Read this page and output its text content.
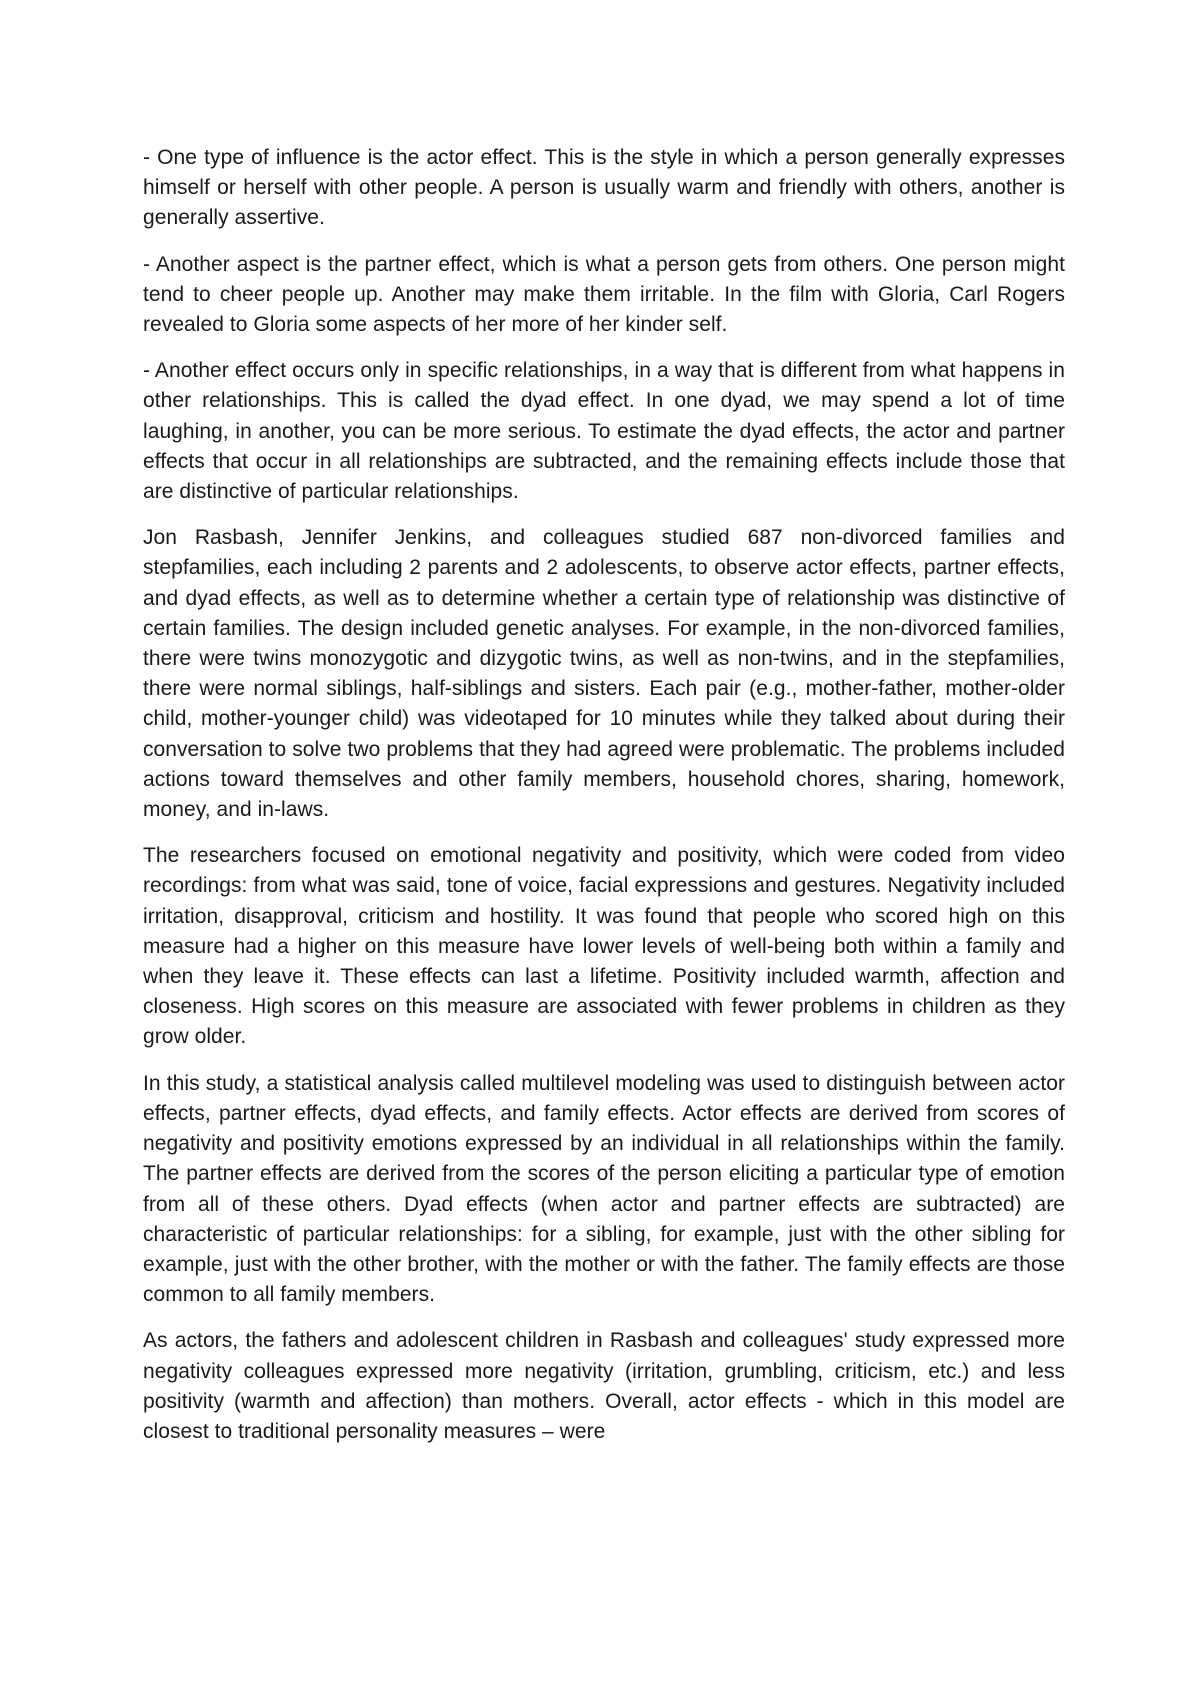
- One type of influence is the actor effect. This is the style in which a person generally expresses himself or herself with other people. A person is usually warm and friendly with others, another is generally assertive.

- Another aspect is the partner effect, which is what a person gets from others. One person might tend to cheer people up. Another may make them irritable. In the film with Gloria, Carl Rogers revealed to Gloria some aspects of her more of her kinder self.

- Another effect occurs only in specific relationships, in a way that is different from what happens in other relationships. This is called the dyad effect. In one dyad, we may spend a lot of time laughing, in another, you can be more serious. To estimate the dyad effects, the actor and partner effects that occur in all relationships are subtracted, and the remaining effects include those that are distinctive of particular relationships.

Jon Rasbash, Jennifer Jenkins, and colleagues studied 687 non-divorced families and stepfamilies, each including 2 parents and 2 adolescents, to observe actor effects, partner effects, and dyad effects, as well as to determine whether a certain type of relationship was distinctive of certain families. The design included genetic analyses. For example, in the non-divorced families, there were twins monozygotic and dizygotic twins, as well as non-twins, and in the stepfamilies, there were normal siblings, half-siblings and sisters. Each pair (e.g., mother-father, mother-older child, mother-younger child) was videotaped for 10 minutes while they talked about during their conversation to solve two problems that they had agreed were problematic. The problems included actions toward themselves and other family members, household chores, sharing, homework, money, and in-laws.

The researchers focused on emotional negativity and positivity, which were coded from video recordings: from what was said, tone of voice, facial expressions and gestures. Negativity included irritation, disapproval, criticism and hostility. It was found that people who scored high on this measure had a higher on this measure have lower levels of well-being both within a family and when they leave it. These effects can last a lifetime. Positivity included warmth, affection and closeness. High scores on this measure are associated with fewer problems in children as they grow older.

In this study, a statistical analysis called multilevel modeling was used to distinguish between actor effects, partner effects, dyad effects, and family effects. Actor effects are derived from scores of negativity and positivity emotions expressed by an individual in all relationships within the family. The partner effects are derived from the scores of the person eliciting a particular type of emotion from all of these others. Dyad effects (when actor and partner effects are subtracted) are characteristic of particular relationships: for a sibling, for example, just with the other sibling for example, just with the other brother, with the mother or with the father. The family effects are those common to all family members.

As actors, the fathers and adolescent children in Rasbash and colleagues' study expressed more negativity colleagues expressed more negativity (irritation, grumbling, criticism, etc.) and less positivity (warmth and affection) than mothers. Overall, actor effects - which in this model are closest to traditional personality measures – were
